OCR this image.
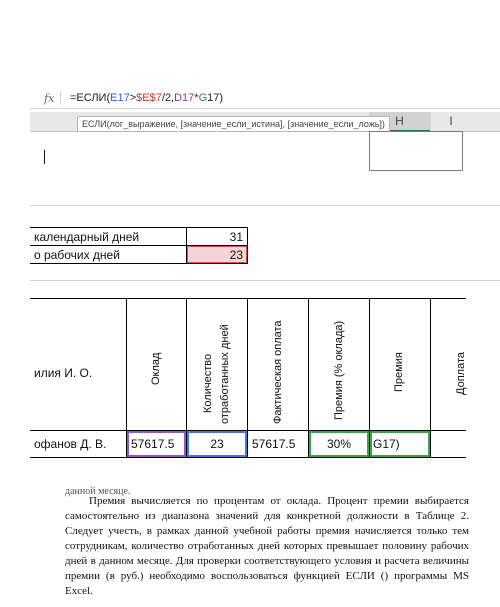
fx =ЕСЛИ(E17>$E$7/2,D17*G17)
H	I
ЕСЛИ(лог_выражение, [значение_если_истина], [значение_если_ложь])
календарный дней	31
о рабочих дней	23
илия И. О.	Оклад	Количество отработанных дней	Фактическая оплата	Премия (% оклада)	Премия	Доплата
офанов Д. В. 57617.5	23	57617.5	30%	G17)
данной месяце.

Премия вычисляется по процентам от оклада. Процент премии выбирается самостоятельно из диапазона значений для конкретной должности в Таблице 2. Следует учесть, в рамках данной учебной работы премия начисляется только тем сотрудникам, количество отработанных дней которых превышает половину рабочих дней в данном месяце. Для проверки соответствующего условия и расчета величины премии (в руб.) необходимо воспользоваться функцией ЕСЛИ () программы MS Excel.
